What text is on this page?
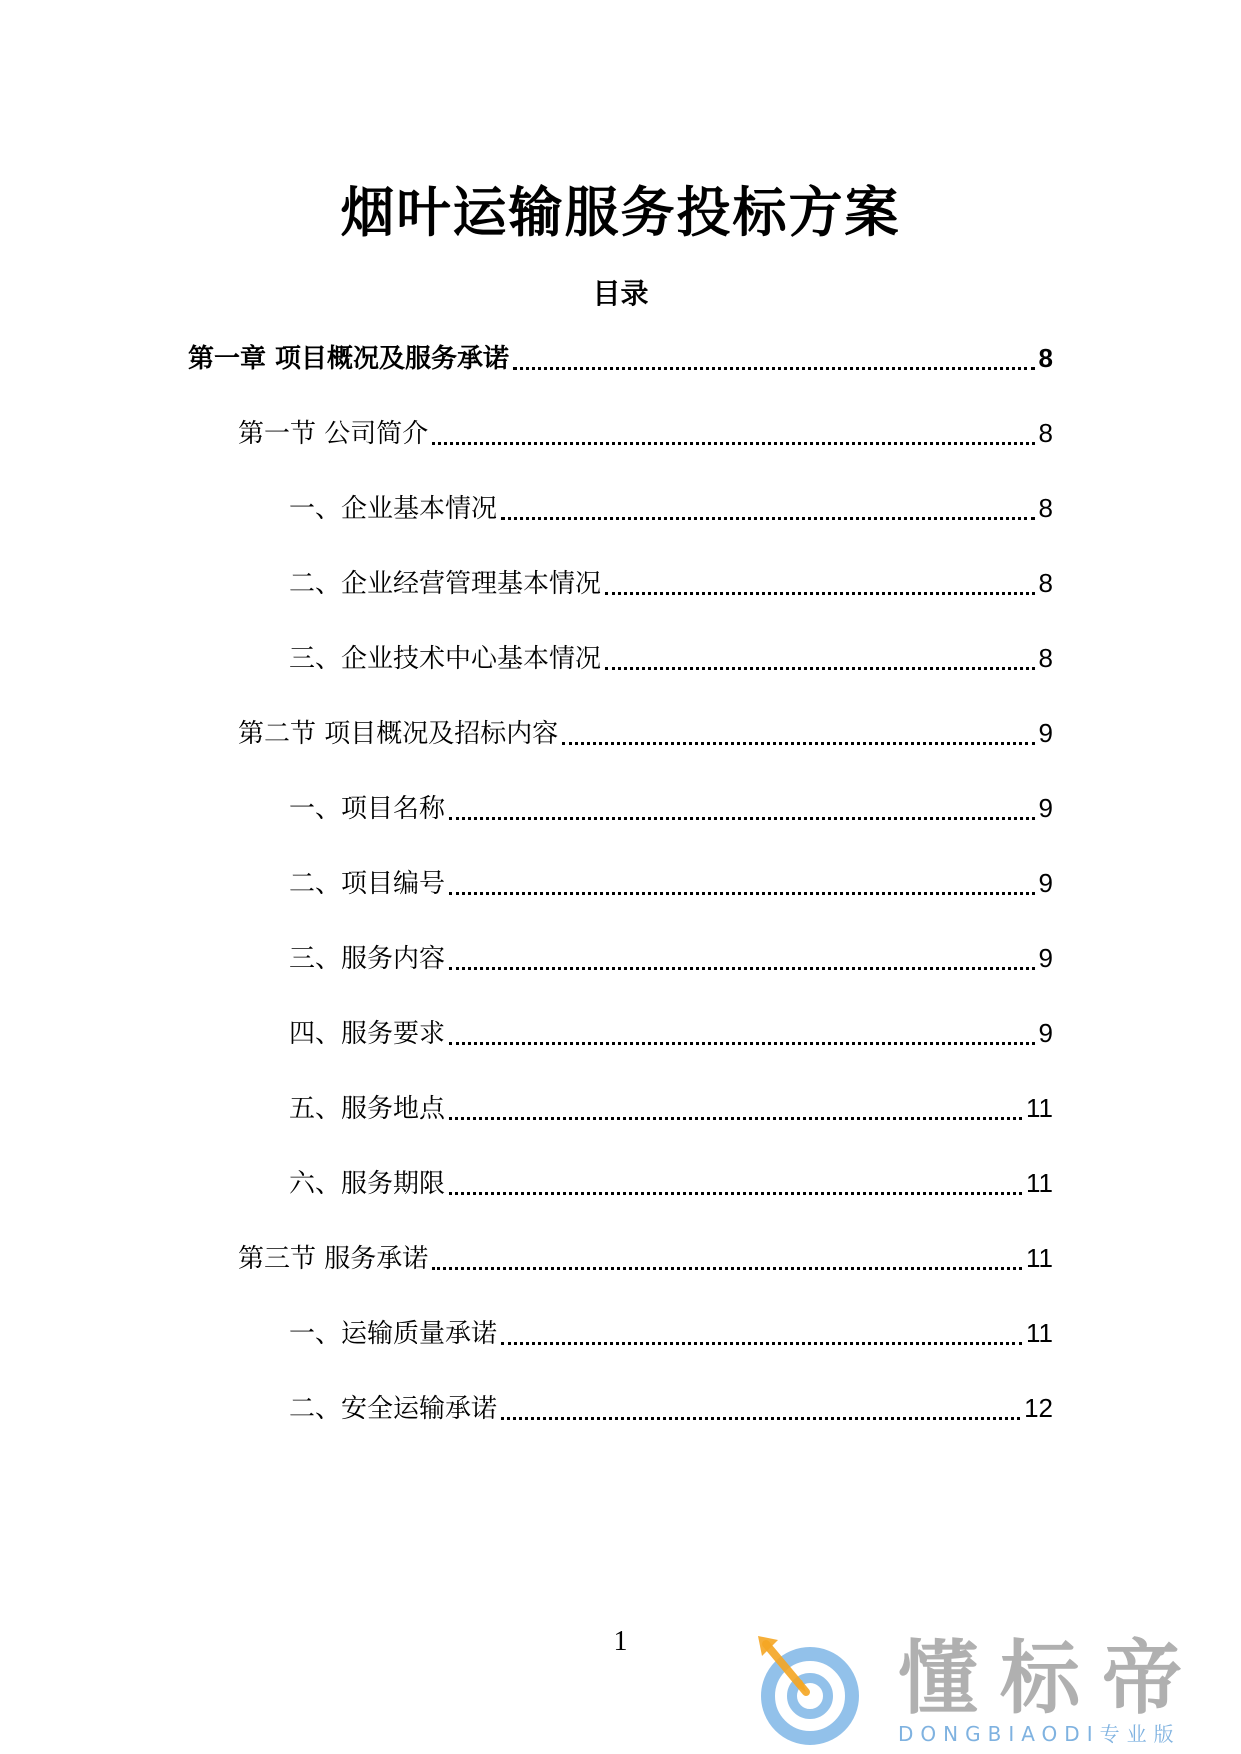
烟叶运输服务投标方案
目录
第一章 项目概况及服务承诺	8
第一节 公司简介	8
一、企业基本情况	8
二、企业经营管理基本情况	8
三、企业技术中心基本情况	8
第二节 项目概况及招标内容	9
一、项目名称	9
二、项目编号	9
三、服务内容	9
四、服务要求	9
五、服务地点	11
六、服务期限	11
第三节 服务承诺	11
一、运输质量承诺	11
二、安全运输承诺	12
1	懂标帝
DONGBIAODI专业版
